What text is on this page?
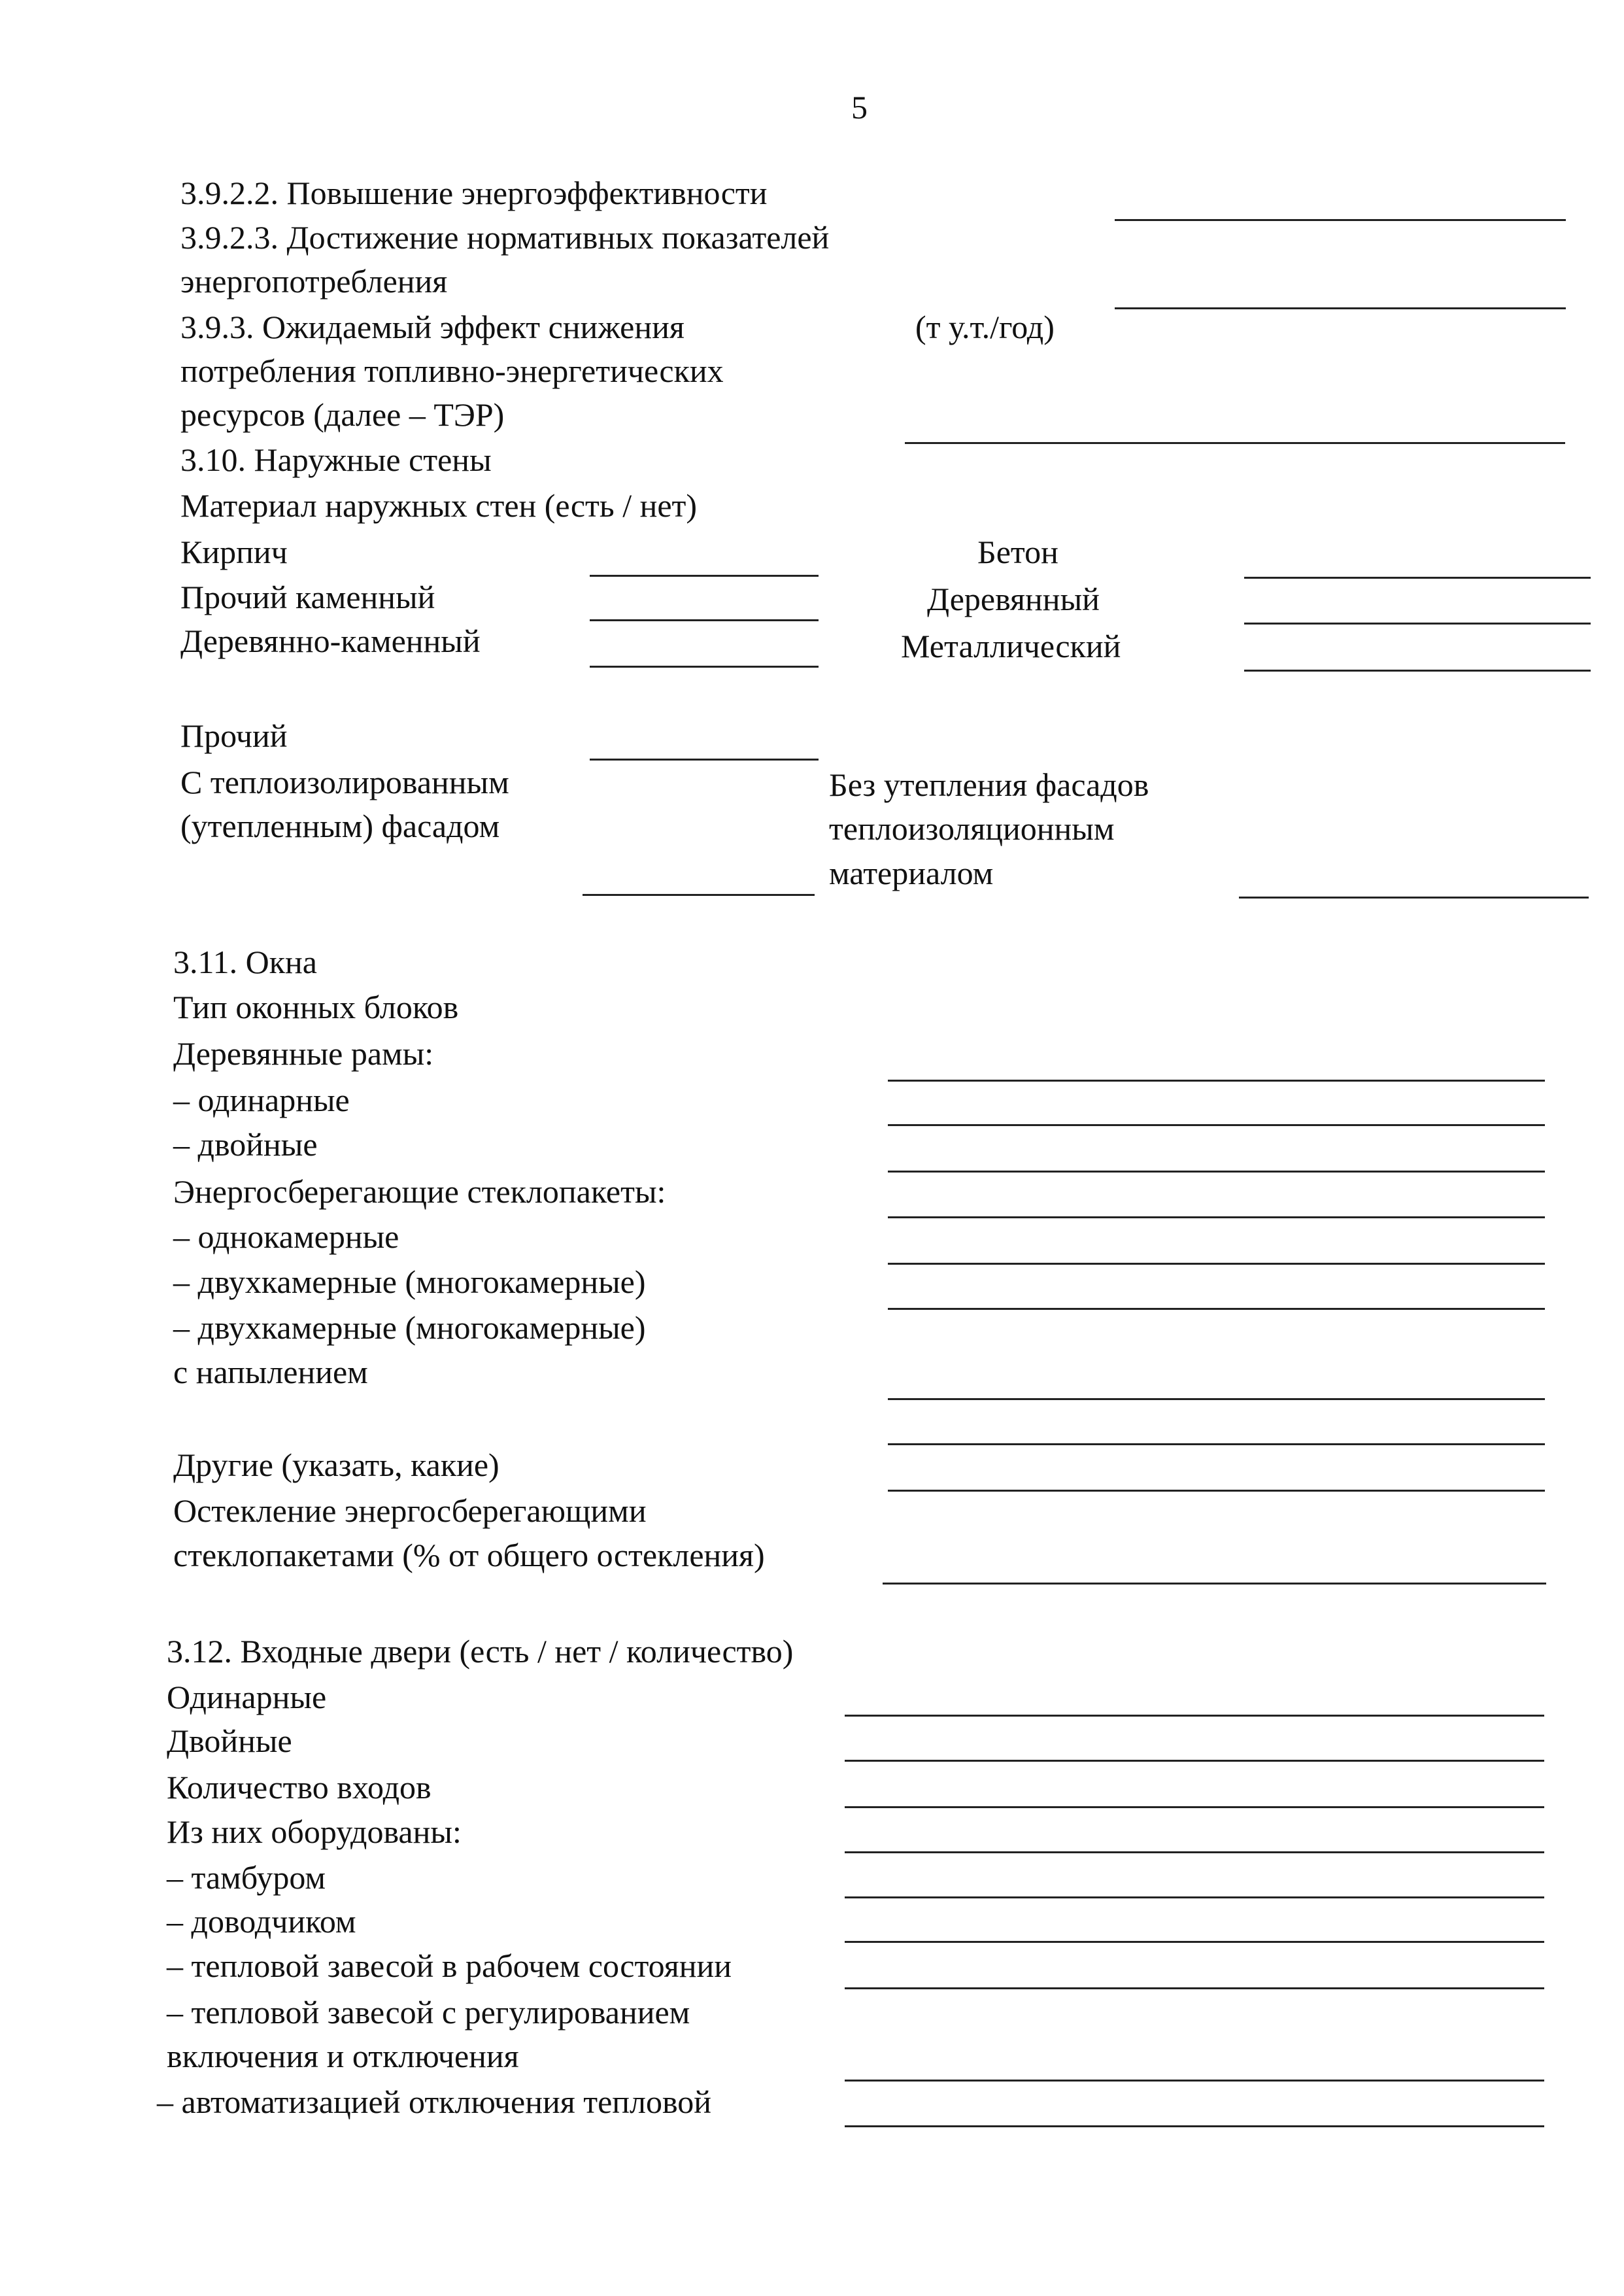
5
3.9.2.2. Повышение энергоэффективности
3.9.2.3. Достижение нормативных показателей
энергопотребления
3.9.3. Ожидаемый эффект снижения	(т у.т./год)
потребления топливно-энергетических
ресурсов (далее – ТЭР)
3.10. Наружные стены
Материал наружных стен (есть / нет)
Кирпич	Бетон
Прочий каменный	Деревянный
Деревянно-каменный	Металлический
Прочий
С теплоизолированным	Без утепления фасадов
(утепленным) фасадом	теплоизоляционным
материалом
3.11. Окна
Тип оконных блоков
Деревянные рамы:
– одинарные
– двойные
Энергосберегающие стеклопакеты:
– однокамерные
– двухкамерные (многокамерные)
– двухкамерные (многокамерные)
с напылением
Другие (указать, какие)
Остекление энергосберегающими
стеклопакетами (% от общего остекления)
3.12. Входные двери (есть / нет / количество)
Одинарные
Двойные
Количество входов
Из них оборудованы:
– тамбуром
– доводчиком
– тепловой завесой в рабочем состоянии
– тепловой завесой с регулированием
включения и отключения
– автоматизацией отключения тепловой
